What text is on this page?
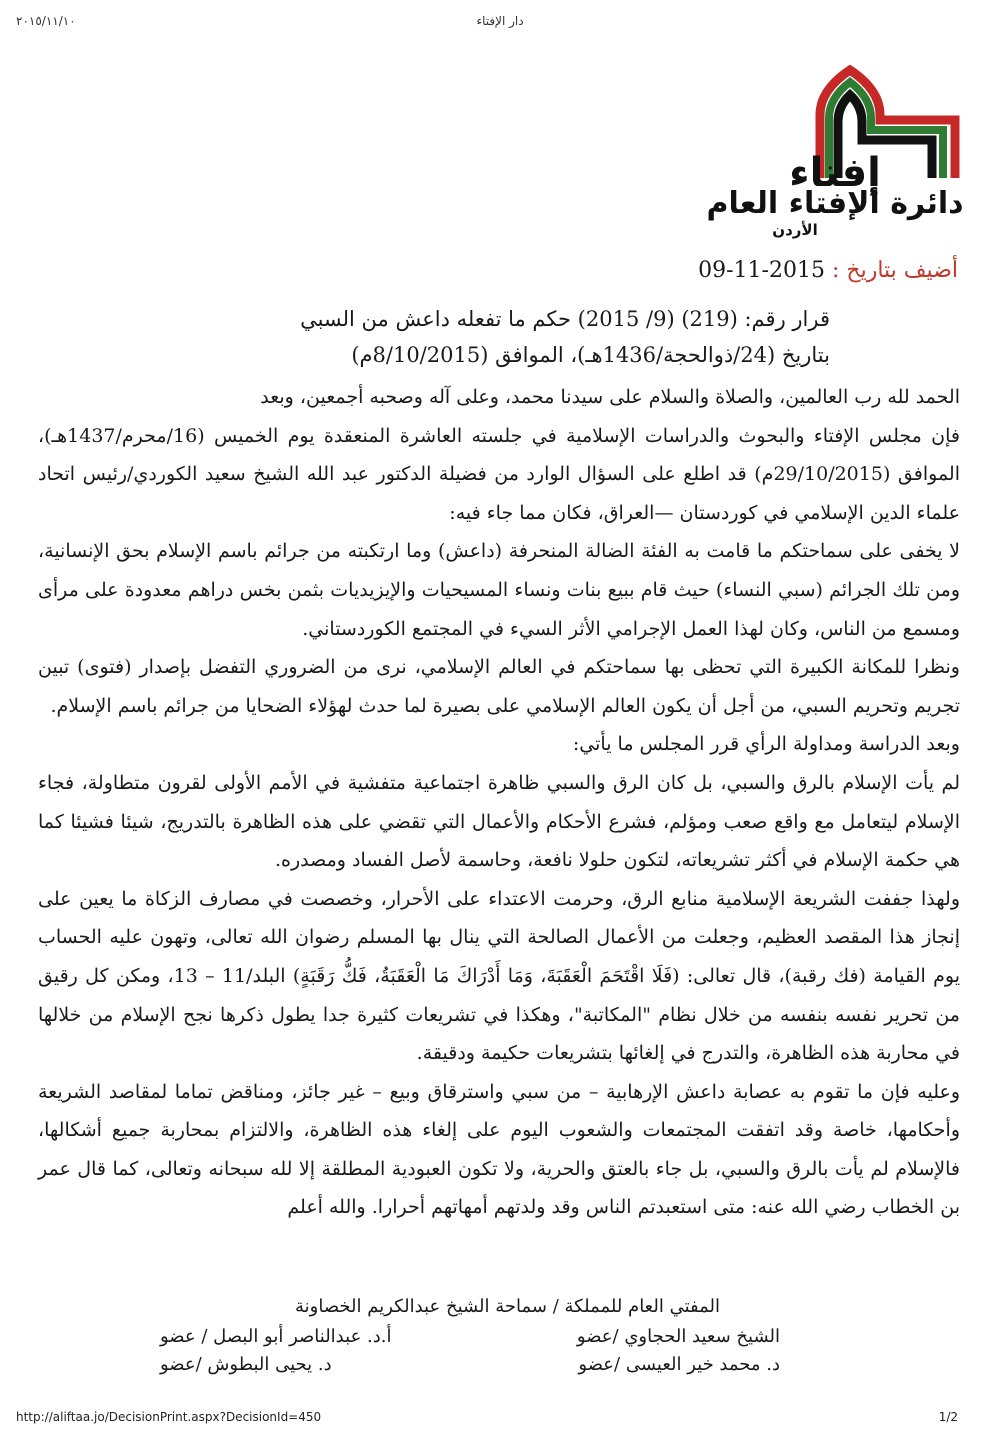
دار الإفتاء
٢٠١٥/١١/١٠
إفتاء
دائرة الإفتاء العام
الأردن
أضيف بتاريخ : 2015-11-09
قرار رقم: (219) (9/ 2015) حكم ما تفعله داعش من السبي
بتاريخ (24/ذوالحجة/1436هـ)، الموافق (8/10/2015م)

الحمد لله رب العالمين، والصلاة والسلام على سيدنا محمد، وعلى آله وصحبه أجمعين، وبعد

فإن مجلس الإفتاء والبحوث والدراسات الإسلامية في جلسته العاشرة المنعقدة يوم الخميس (16/محرم/1437هـ)، الموافق (29/10/2015م) قد اطلع على السؤال الوارد من فضيلة الدكتور عبد الله الشيخ سعيد الكوردي/رئيس اتحاد علماء الدين الإسلامي في كوردستان —العراق، فكان مما جاء فيه:

لا يخفى على سماحتكم ما قامت به الفئة الضالة المنحرفة (داعش) وما ارتكبته من جرائم باسم الإسلام بحق الإنسانية، ومن تلك الجرائم (سبي النساء) حيث قام ببيع بنات ونساء المسيحيات والإيزيديات بثمن بخس دراهم معدودة على مرأى ومسمع من الناس، وكان لهذا العمل الإجرامي الأثر السيء في المجتمع الكوردستاني.

ونظرا للمكانة الكبيرة التي تحظى بها سماحتكم في العالم الإسلامي، نرى من الضروري التفضل بإصدار (فتوى) تبين تجريم وتحريم السبي، من أجل أن يكون العالم الإسلامي على بصيرة لما حدث لهؤلاء الضحايا من جرائم باسم الإسلام.

وبعد الدراسة ومداولة الرأي قرر المجلس ما يأتي:

لم يأت الإسلام بالرق والسبي، بل كان الرق والسبي ظاهرة اجتماعية متفشية في الأمم الأولى لقرون متطاولة، فجاء الإسلام ليتعامل مع واقع صعب ومؤلم، فشرع الأحكام والأعمال التي تقضي على هذه الظاهرة بالتدريج، شيئا فشيئا كما هي حكمة الإسلام في أكثر تشريعاته، لتكون حلولا نافعة، وحاسمة لأصل الفساد ومصدره.

ولهذا جففت الشريعة الإسلامية منابع الرق، وحرمت الاعتداء على الأحرار، وخصصت في مصارف الزكاة ما يعين على إنجاز هذا المقصد العظيم، وجعلت من الأعمال الصالحة التي ينال بها المسلم رضوان الله تعالى، وتهون عليه الحساب يوم القيامة (فك رقبة)، قال تعالى: (فَلَا اقْتَحَمَ الْعَقَبَةَ، وَمَا أَدْرَاكَ مَا الْعَقَبَةُ، فَكُّ رَقَبَةٍ) البلد/11 – 13، ومكن كل رقيق من تحرير نفسه بنفسه من خلال نظام "المكاتبة"، وهكذا في تشريعات كثيرة جدا يطول ذكرها نجح الإسلام من خلالها في محاربة هذه الظاهرة، والتدرج في إلغائها بتشريعات حكيمة ودقيقة.

وعليه فإن ما تقوم به عصابة داعش الإرهابية – من سبي واسترقاق وبيع – غير جائز، ومناقض تماما لمقاصد الشريعة وأحكامها، خاصة وقد اتفقت المجتمعات والشعوب اليوم على إلغاء هذه الظاهرة، والالتزام بمحاربة جميع أشكالها، فالإسلام لم يأت بالرق والسبي، بل جاء بالعتق والحرية، ولا تكون العبودية المطلقة إلا لله سبحانه وتعالى، كما قال عمر بن الخطاب رضي الله عنه: متى استعبدتم الناس وقد ولدتهم أمهاتهم أحرارا. والله أعلم

المفتي العام للمملكة / سماحة الشيخ عبدالكريم الخصاونة
الشيخ سعيد الحجاوي /عضو
أ.د. عبدالناصر أبو البصل / عضو
د. محمد خير العيسى /عضو
د. يحيى البطوش /عضو
http://aliftaa.jo/DecisionPrint.aspx?DecisionId=450	1/2
